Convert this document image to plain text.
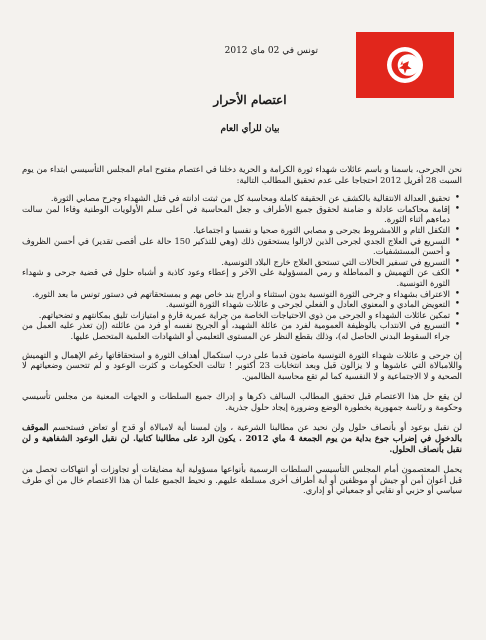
تونس في 02 ماي 2012
اعتصام الأحرار
بيان للرأي العام

نحن الجرحى، باسمنا و باسم عائلات شهداء ثورة الكرامة و الحرية دخلنا في اعتصام مفتوح امام المجلس التأسيسي ابتداء من يوم السبت 28 أفريل 2012 احتجاجا على عدم تحقيق المطالب التالية:

• تحقيق العدالة الانتقالية بالكشف عن الحقيقة كاملة ومحاسبة كل من ثبتت ادانته في قتل الشهداء وجرح مصابي الثورة.
• إقامة محاكمات عادلة و ضامنة لحقوق جميع الأطراف و جعل المحاسبة في أعلى سلم الأولويات الوطنية وفاءا لمن سالت دماءهم أثناء الثورة.
• التكفل التام و اللامشروط بجرحى و مصابي الثورة صحيا و نفسيا و اجتماعيا.
• التسريع في العلاج الجدي لجرحى الذين لازالوا يستحقون ذلك (وهي للتذكير 150 حالة على أقصى تقدير) في أحسن الظروف و أحسن المستشفيات.
• التسريع في تسفير الحالات التي تستحق العلاج خارج البلاد التونسية.
• الكف عن التهميش و المماطلة و رمي المسؤولية على الآخر و إعطاء وعود كاذبة و أشباه حلول في قضية جرحى و شهداء الثورة التونسية.
• الاعتراف بشهداء و جرحى الثورة التونسية بدون استثناء و ادراج بند خاص بهم و بمستحقاتهم في دستور تونس ما بعد الثورة.
• التعويض المادي و المعنوي العادل و الفعلي لجرحى و عائلات شهداء الثورة التونسية.
• تمكين عائلات الشهداء و الجرحى من ذوي الاحتياجات الخاصة من جراية عمرية قارة و امتيازات تليق بمكانتهم و تضحياتهم.
• التسريع في الانتداب بالوظيفة العمومية لفرد من عائلة الشهيد، أو الجريح نفسه أو فرد من عائلته (إن تعذر عليه العمل من جراء السقوط البدني الحاصل له)، وذلك بقطع النظر عن المستوى التعليمي أو الشهادات العلمية المتحصل عليها.

إن جرحى و عائلات شهداء الثورة التونسية ماضون قدما على درب استكمال أهداف الثورة و استحقاقاتها رغم الإهمال و التهميش واللامبالاة التي عاشوها و لا يزالون قبل وبعد انتخابات 23 أكتوبر ! تتالت الحكومات و كثرت الوعود و لم تتحسن وضعياتهم لا الصحية و لا الاجتماعية و لا النفسية كما لم تقع محاسبة الظالمين.

لن يقع حل هذا الاعتصام قبل تحقيق المطالب السالف ذكرها و إدراك جميع السلطات و الجهات المعنية من مجلس تأسيسي وحكومة و رئاسة جمهورية بخطورة الوضع وضرورة إيجاد حلول جذرية.

لن نقبل بوعود أو بأنصاف حلول ولن نحيد عن مطالبنا الشرعية ، وإن لمسنا أية لامبالاة أو قدح أو تعاض فستحسم الموقف بالدخول في إضراب جوع بداية من يوم الجمعة 4 ماي 2012 . يكون الرد على مطالبنا كتابيا. لن نقبل الوعود الشفاهية و لن نقبل بأنصاف الحلول.

يحمل المعتصمون أمام المجلس التأسيسي السلطات الرسمية بأنواعها مسؤولية أية مضايقات أو تجاوزات أو انتهاكات تحصل من قبل أعوان أمن أو جيش أو موظفين أو أية أطراف أخرى مسلطة عليهم. و نحيط الجميع علما أن هذا الاعتصام خال من أي طرف سياسي أو حزبي أو نقابي أو جمعياتي أو إداري.
